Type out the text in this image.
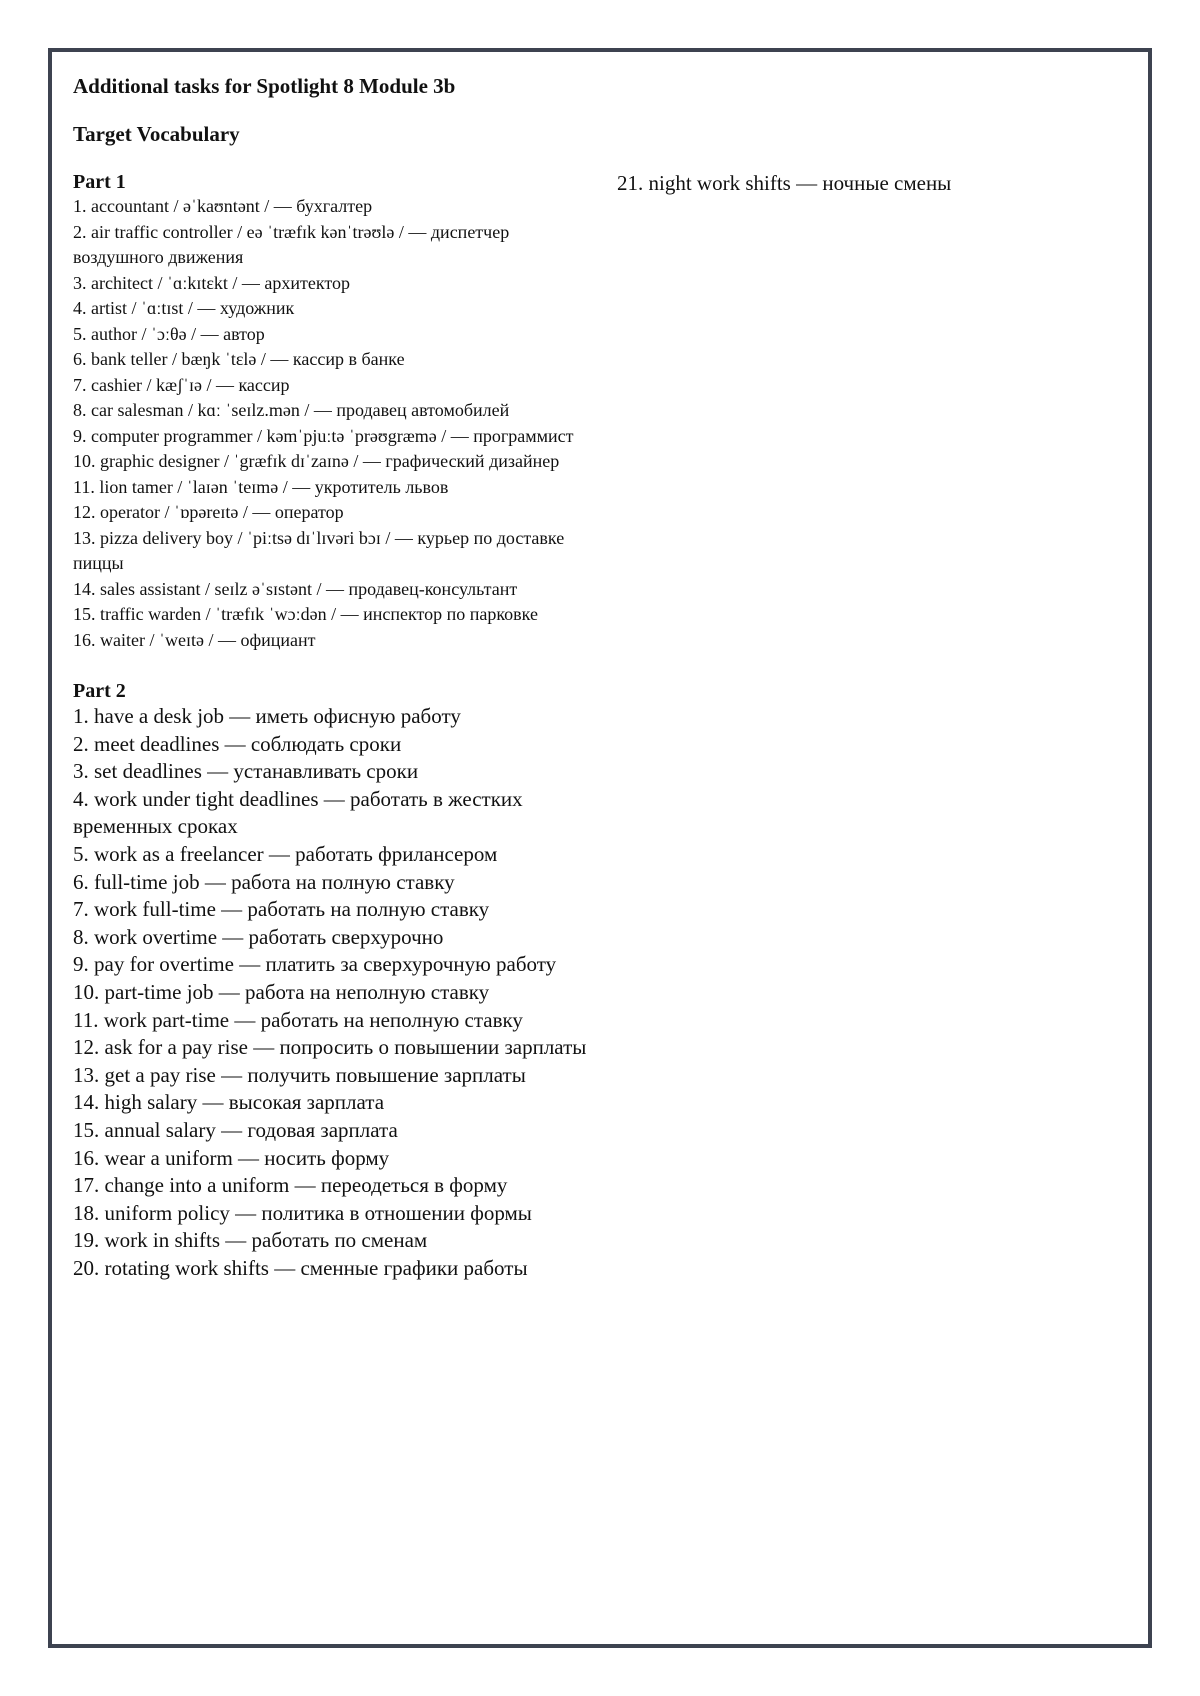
Additional tasks for Spotlight 8 Module 3b
Target Vocabulary
Part 1
1. accountant / əˈkaʊntənt / — бухгалтер
2. air traffic controller / eə ˈtræfɪk kənˈtrəʊlə / — диспетчер воздушного движения
3. architect / ˈɑːkɪtɛkt / — архитектор
4. artist / ˈɑːtɪst / — художник
5. author / ˈɔːθə / — автор
6. bank teller / bæŋk ˈtɛlə / — кассир в банке
7. cashier / kæʃˈɪə / — кассир
8. car salesman / kɑː ˈseɪlz.mən / — продавец автомобилей
9. computer programmer / kəmˈpjuːtə ˈprəʊgræmə / — программист
10. graphic designer / ˈgræfɪk dɪˈzaɪnə / — графический дизайнер
11. lion tamer / ˈlaɪən ˈteɪmə / — укротитель львов
12. operator / ˈɒpəreɪtə / — оператор
13. pizza delivery boy / ˈpiːtsə dɪˈlɪvəri bɔɪ / — курьер по доставке пиццы
14. sales assistant / seɪlz əˈsɪstənt / — продавец-консультант
15. traffic warden / ˈtræfɪk ˈwɔːdən / — инспектор по парковке
16. waiter / ˈweɪtə / — официант
Part 2
1. have a desk job — иметь офисную работу
2. meet deadlines — соблюдать сроки
3. set deadlines — устанавливать сроки
4. work under tight deadlines — работать в жестких временных сроках
5. work as a freelancer — работать фрилансером
6. full-time job — работа на полную ставку
7. work full-time — работать на полную ставку
8. work overtime — работать сверхурочно
9. pay for overtime — платить за сверхурочную работу
10. part-time job — работа на неполную ставку
11. work part-time — работать на неполную ставку
12. ask for a pay rise — попросить о повышении зарплаты
13. get a pay rise — получить повышение зарплаты
14. high salary — высокая зарплата
15. annual salary — годовая зарплата
16. wear a uniform — носить форму
17. change into a uniform — переодеться в форму
18. uniform policy — политика в отношении формы
19. work in shifts — работать по сменам
20. rotating work shifts — сменные графики работы
21. night work shifts — ночные смены
